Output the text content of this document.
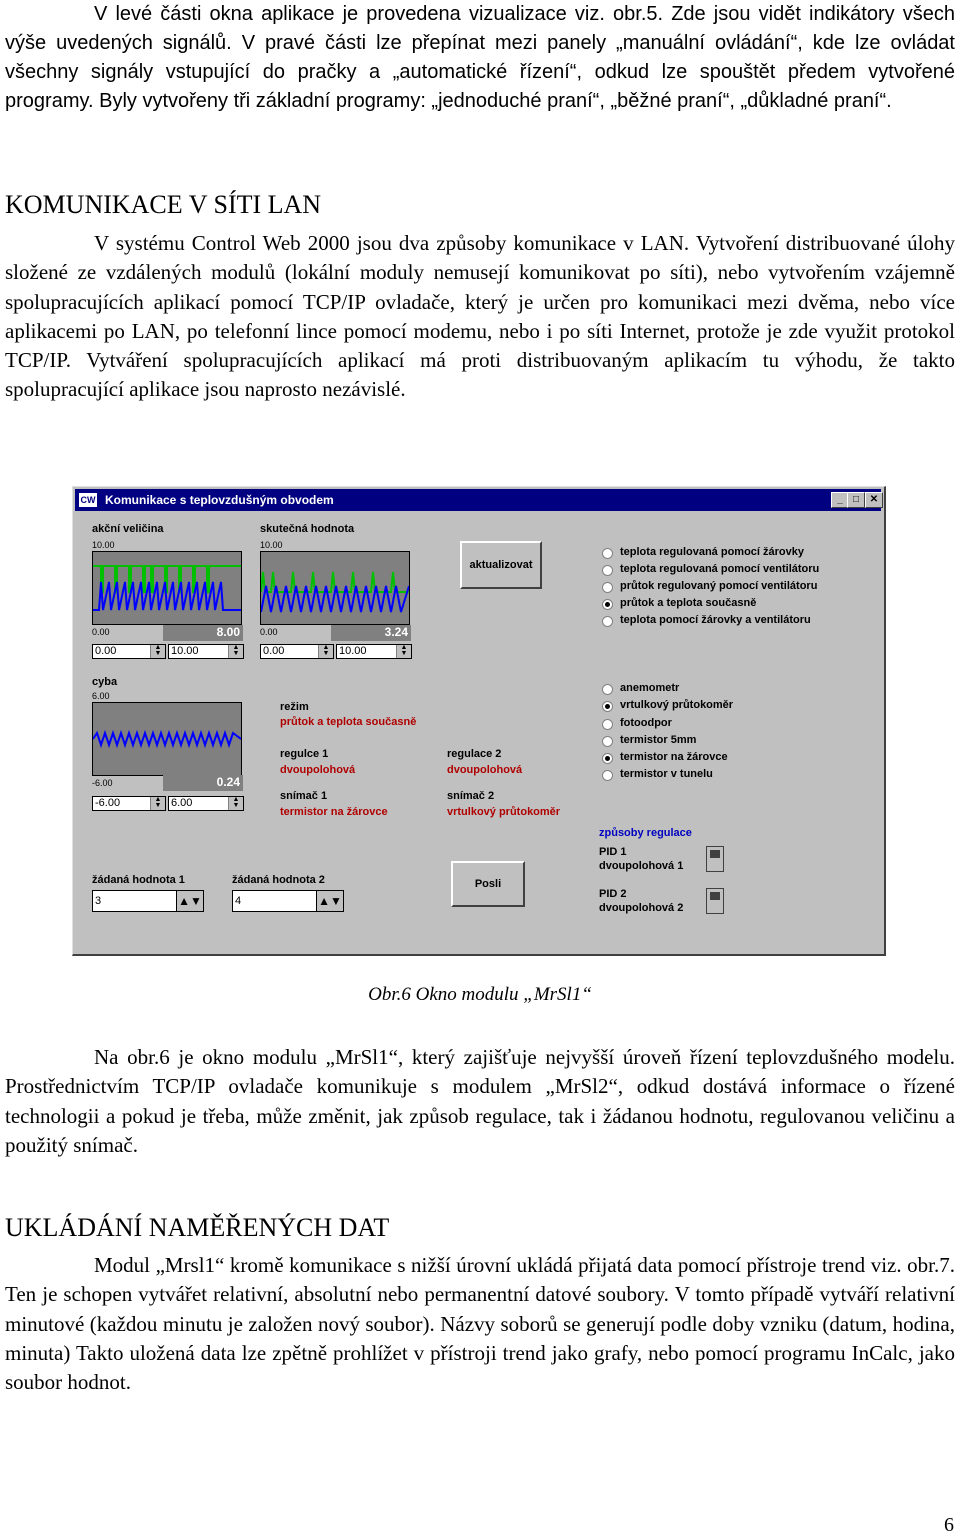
V levé části okna aplikace je provedena vizualizace viz. obr.5. Zde jsou vidět indikátory všech výše uvedených signálů. V pravé části lze přepínat mezi panely „manuální ovládání“, kde lze ovládat všechny signály vstupující do pračky a „automatické řízení“, odkud lze spouštět předem vytvořené programy. Byly vytvořeny tři základní programy: „jednoduché praní“, „běžné praní“, „důkladné praní“.
KOMUNIKACE V SÍTI LAN
V systému Control Web 2000 jsou dva způsoby komunikace v LAN. Vytvoření distribuované úlohy složené ze vzdálených modulů (lokální moduly nemusejí komunikovat po síti), nebo vytvořením vzájemně spolupracujících aplikací pomocí TCP/IP ovladače, který je určen pro komunikaci mezi dvěma, nebo více aplikacemi po LAN, po telefonní lince pomocí modemu, nebo i po síti Internet, protože je zde využit protokol TCP/IP. Vytváření spolupracujících aplikací má proti distribuovaným aplikacím tu výhodu, že takto spolupracující aplikace jsou naprosto nezávislé.
CW Komunikace s teplovzdušným obvodem	_	□	✕
akční veličina
10.00
0.00	8.00
0.00	▲
▼ 10.00	▲
▼
skutečná hodnota
10.00
0.00	3.24
0.00	▲
▼ 10.00	▲
▼
cyba
6.00
-6.00	0.24
-6.00	▲
▼ 6.00	▲
▼
aktualizovat
teplota regulovaná pomocí žárovky
teplota regulovaná pomocí ventilátoru
průtok regulovaný pomocí ventilátoru
průtok a teplota současně
teplota pomocí žárovky a ventilátoru
anemometr
vrtulkový průtokoměr
fotoodpor
termistor 5mm
termistor na žárovce
termistor v tunelu
režim
průtok a teplota současně
regulce 1
dvoupolohová
regulace 2
dvoupolohová
snímač 1
termistor na žárovce
snímač 2
vrtulkový průtokoměr
způsoby regulace
PID 1
dvoupolohová 1
PID 2
dvoupolohová 2
žádaná hodnota 1
3	▲▼
žádaná hodnota 2
4	▲▼
Posli
Obr.6 Okno modulu „MrSl1“
Na obr.6 je okno modulu „MrSl1“, který zajišťuje nejvyšší úroveň řízení teplovzdušného modelu. Prostřednictvím TCP/IP ovladače komunikuje s modulem „MrSl2“, odkud dostává informace o řízené technologii a pokud je třeba, může změnit, jak způsob regulace, tak i žádanou hodnotu, regulovanou veličinu a použitý snímač.
UKLÁDÁNÍ NAMĚŘENÝCH DAT
Modul „Mrsl1“ kromě komunikace s nižší úrovní ukládá přijatá data pomocí přístroje trend viz. obr.7. Ten je schopen vytvářet relativní, absolutní nebo permanentní datové soubory. V tomto případě vytváří relativní minutové (každou minutu je založen nový soubor). Názvy soborů se generují podle doby vzniku (datum, hodina, minuta) Takto uložená data lze zpětně prohlížet v přístroji trend jako grafy, nebo pomocí programu InCalc, jako soubor hodnot.
6
